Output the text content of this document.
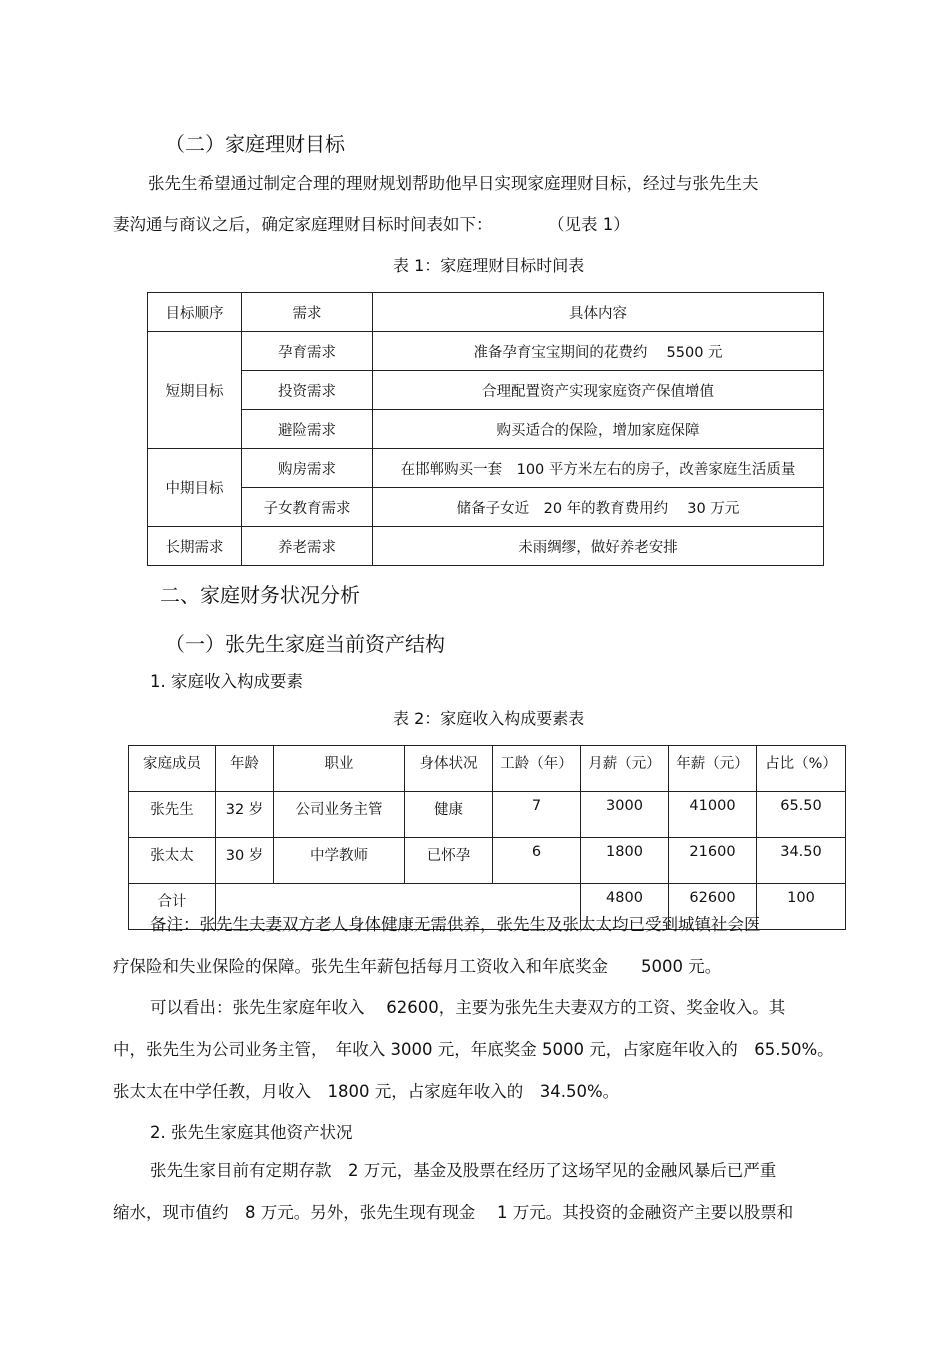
（二）家庭理财目标
张先生希望通过制定合理的理财规划帮助他早日实现家庭理财目标，经过与张先生夫
妻沟通与商议之后，确定家庭理财目标时间表如下：	（见表 1）
表 1：家庭理财目标时间表
目标顺序	需求	具体内容
短期目标	孕育需求	准备孕育宝宝期间的花费约　 5500 元
	投资需求	合理配置资产实现家庭资产保值增值
	避险需求	购买适合的保险，增加家庭保障
中期目标	购房需求	在邯郸购买一套　100 平方米左右的房子，改善家庭生活质量
	子女教育需求	储备子女近　20 年的教育费用约　 30 万元
长期需求	养老需求	未雨绸缪，做好养老安排
二、家庭财务状况分析
（一）张先生家庭当前资产结构
1. 家庭收入构成要素
表 2：家庭收入构成要素表
家庭成员	年龄	职业	身体状况	工龄（年）	月薪（元）	年薪（元）	占比（%）
张先生	32 岁	公司业务主管	健康	7	3000	41000	65.50
张太太	30 岁	中学教师	已怀孕	6	1800	21600	34.50
合计					4800	62600	100
备注：张先生夫妻双方老人身体健康无需供养，张先生及张太太均已受到城镇社会医
疗保险和失业保险的保障。张先生年薪包括每月工资收入和年底奖金　　5000 元。
可以看出：张先生家庭年收入　 62600，主要为张先生夫妻双方的工资、奖金收入。其
中，张先生为公司业务主管，　年收入 3000 元，年底奖金 5000 元，占家庭年收入的　65.50%。
张太太在中学任教，月收入　1800 元，占家庭年收入的　34.50%。
2. 张先生家庭其他资产状况
张先生家目前有定期存款　2 万元，基金及股票在经历了这场罕见的金融风暴后已严重
缩水，现市值约　8 万元。另外，张先生现有现金　 1 万元。其投资的金融资产主要以股票和
